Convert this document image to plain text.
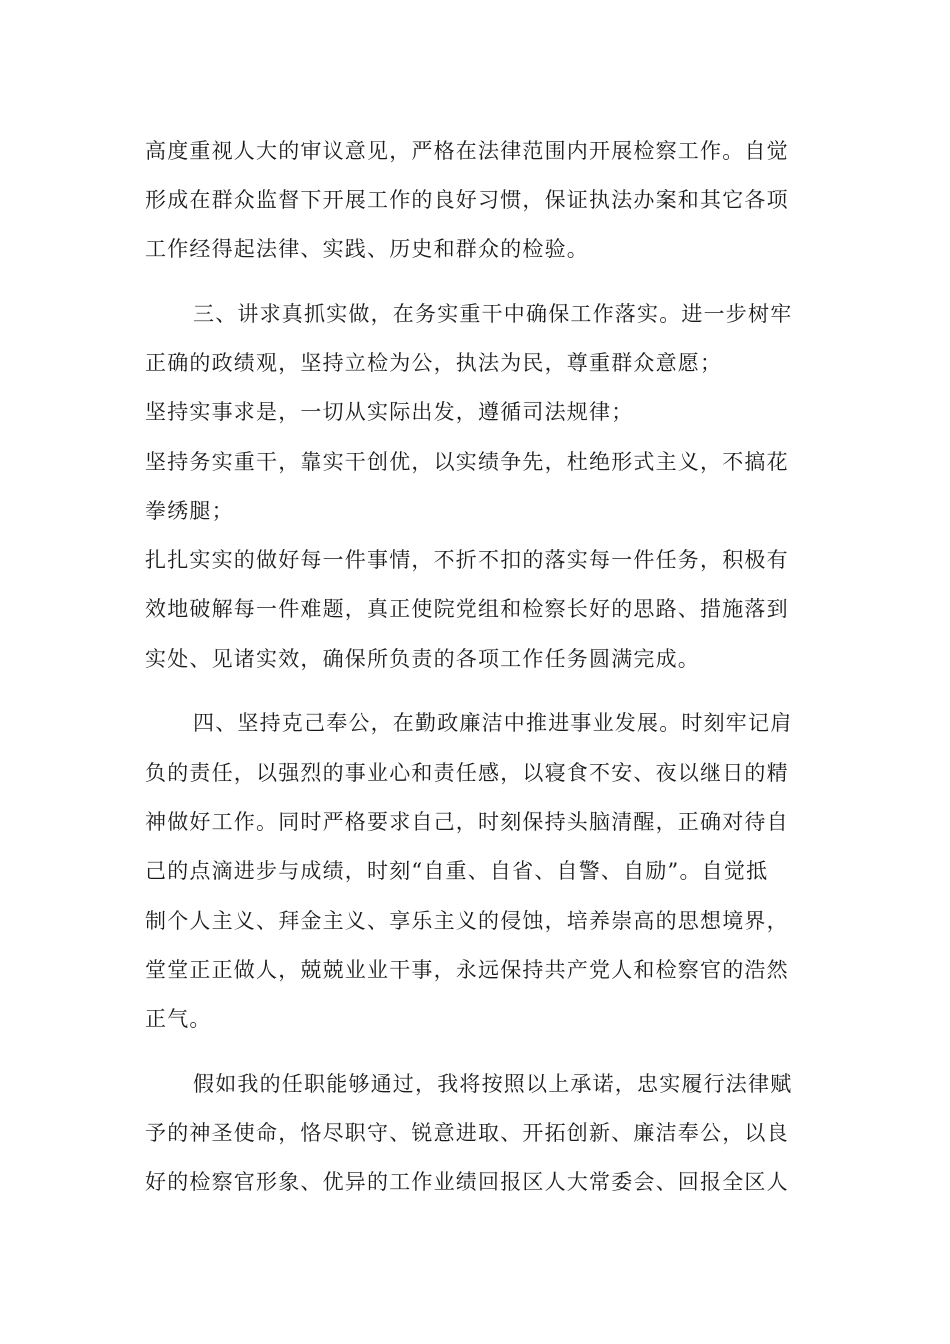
高度重视人大的审议意见，严格在法律范围内开展检察工作。自觉
形成在群众监督下开展工作的良好习惯，保证执法办案和其它各项
工作经得起法律、实践、历史和群众的检验。
三、讲求真抓实做，在务实重干中确保工作落实。进一步树牢
正确的政绩观，坚持立检为公，执法为民，尊重群众意愿；
坚持实事求是，一切从实际出发，遵循司法规律；
坚持务实重干，靠实干创优，以实绩争先，杜绝形式主义，不搞花
拳绣腿；
扎扎实实的做好每一件事情，不折不扣的落实每一件任务，积极有
效地破解每一件难题，真正使院党组和检察长好的思路、措施落到
实处、见诸实效，确保所负责的各项工作任务圆满完成。
四、坚持克己奉公，在勤政廉洁中推进事业发展。时刻牢记肩
负的责任，以强烈的事业心和责任感，以寝食不安、夜以继日的精
神做好工作。同时严格要求自己，时刻保持头脑清醒，正确对待自
己的点滴进步与成绩，时刻“自重、自省、自警、自励”。自觉抵
制个人主义、拜金主义、享乐主义的侵蚀，培养崇高的思想境界，
堂堂正正做人，兢兢业业干事，永远保持共产党人和检察官的浩然
正气。
假如我的任职能够通过，我将按照以上承诺，忠实履行法律赋
予的神圣使命，恪尽职守、锐意进取、开拓创新、廉洁奉公，以良
好的检察官形象、优异的工作业绩回报区人大常委会、回报全区人
